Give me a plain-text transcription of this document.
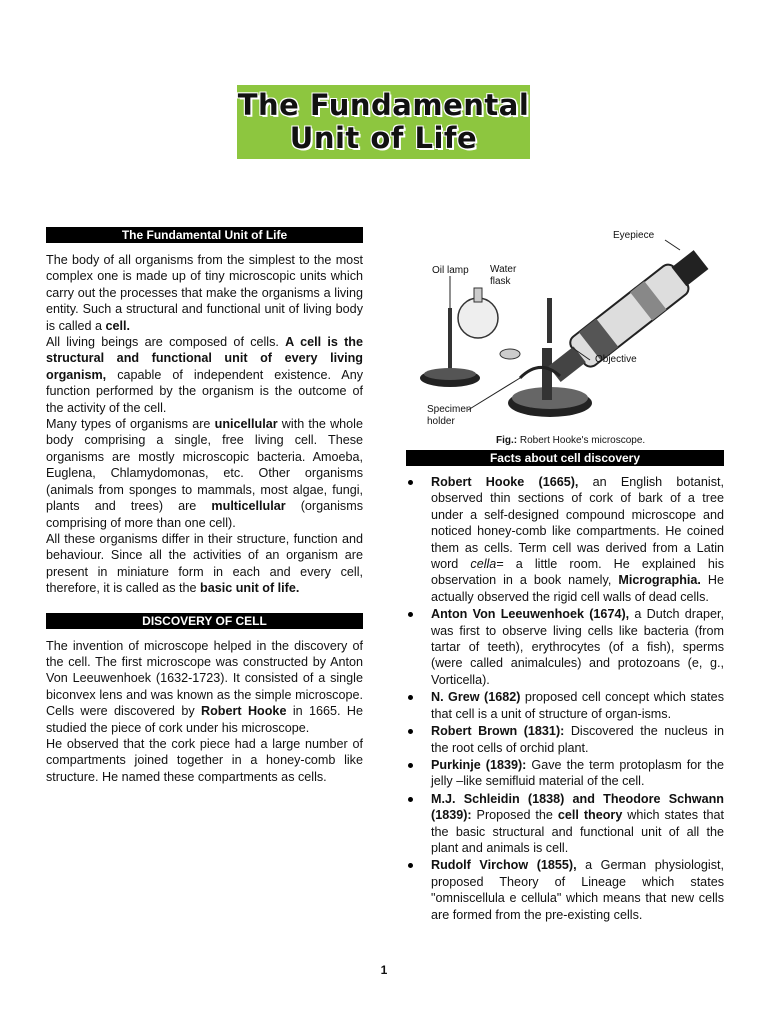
The Fundamental
Unit of Life
The Fundamental Unit of Life

The body of all organisms from the simplest to the most complex one is made up of tiny microscopic units which carry out the processes that make the organisms a living entity. Such a structural and functional unit of living body is called a cell.

All living beings are composed of cells. A cell is the structural and functional unit of every living organism, capable of independent existence. Any function performed by the organism is the outcome of the activity of the cell.

Many types of organisms are unicellular with the whole body comprising a single, free living cell. These organisms are mostly microscopic bacteria. Amoeba, Euglena, Chlamydomonas, etc. Other organisms (animals from sponges to mammals, most algae, fungi, plants and trees) are multicellular (organisms comprising of more than one cell).

All these organisms differ in their structure, function and behaviour. Since all the activities of an organism are present in miniature form in each and every cell, therefore, it is called as the basic unit of life.

DISCOVERY OF CELL

The invention of microscope helped in the discovery of the cell. The first microscope was constructed by Anton Von Leeuwenhoek (1632-1723). It consisted of a single biconvex lens and was known as the simple microscope. Cells were discovered by Robert Hooke in 1665. He studied the piece of cork under his microscope.

He observed that the cork piece had a large number of compartments joined together in a honey-comb like structure. He named these compartments as cells.

Eyepiece
Oil lamp Water
flask
Objective
Specimen
holder
Fig.: Robert Hooke's microscope.
Facts about cell discovery
Robert Hooke (1665), an English botanist, observed thin sections of cork of bark of a tree under a self-designed compound microscope and noticed honey-comb like compartments. He coined them as cells. Term cell was derived from a Latin word cella= a little room. He explained his observation in a book namely, Micrographia. He actually observed the rigid cell walls of dead cells.
Anton Von Leeuwenhoek (1674), a Dutch draper, was first to observe living cells like bacteria (from tartar of teeth), erythrocytes (of a fish), sperms (were called animalcules) and protozoans (e, g., Vorticella).
N. Grew (1682) proposed cell concept which states that cell is a unit of structure of organ-isms.
Robert Brown (1831): Discovered the nucleus in the root cells of orchid plant.
Purkinje (1839): Gave the term protoplasm for the jelly –like semifluid material of the cell.
M.J. Schleidin (1838) and Theodore Schwann (1839): Proposed the cell theory which states that the basic structural and functional unit of all the plant and animals is cell.
Rudolf Virchow (1855), a German physiologist, proposed Theory of Lineage which states "omniscellula e cellula" which means that new cells are formed from the pre-existing cells.
1
